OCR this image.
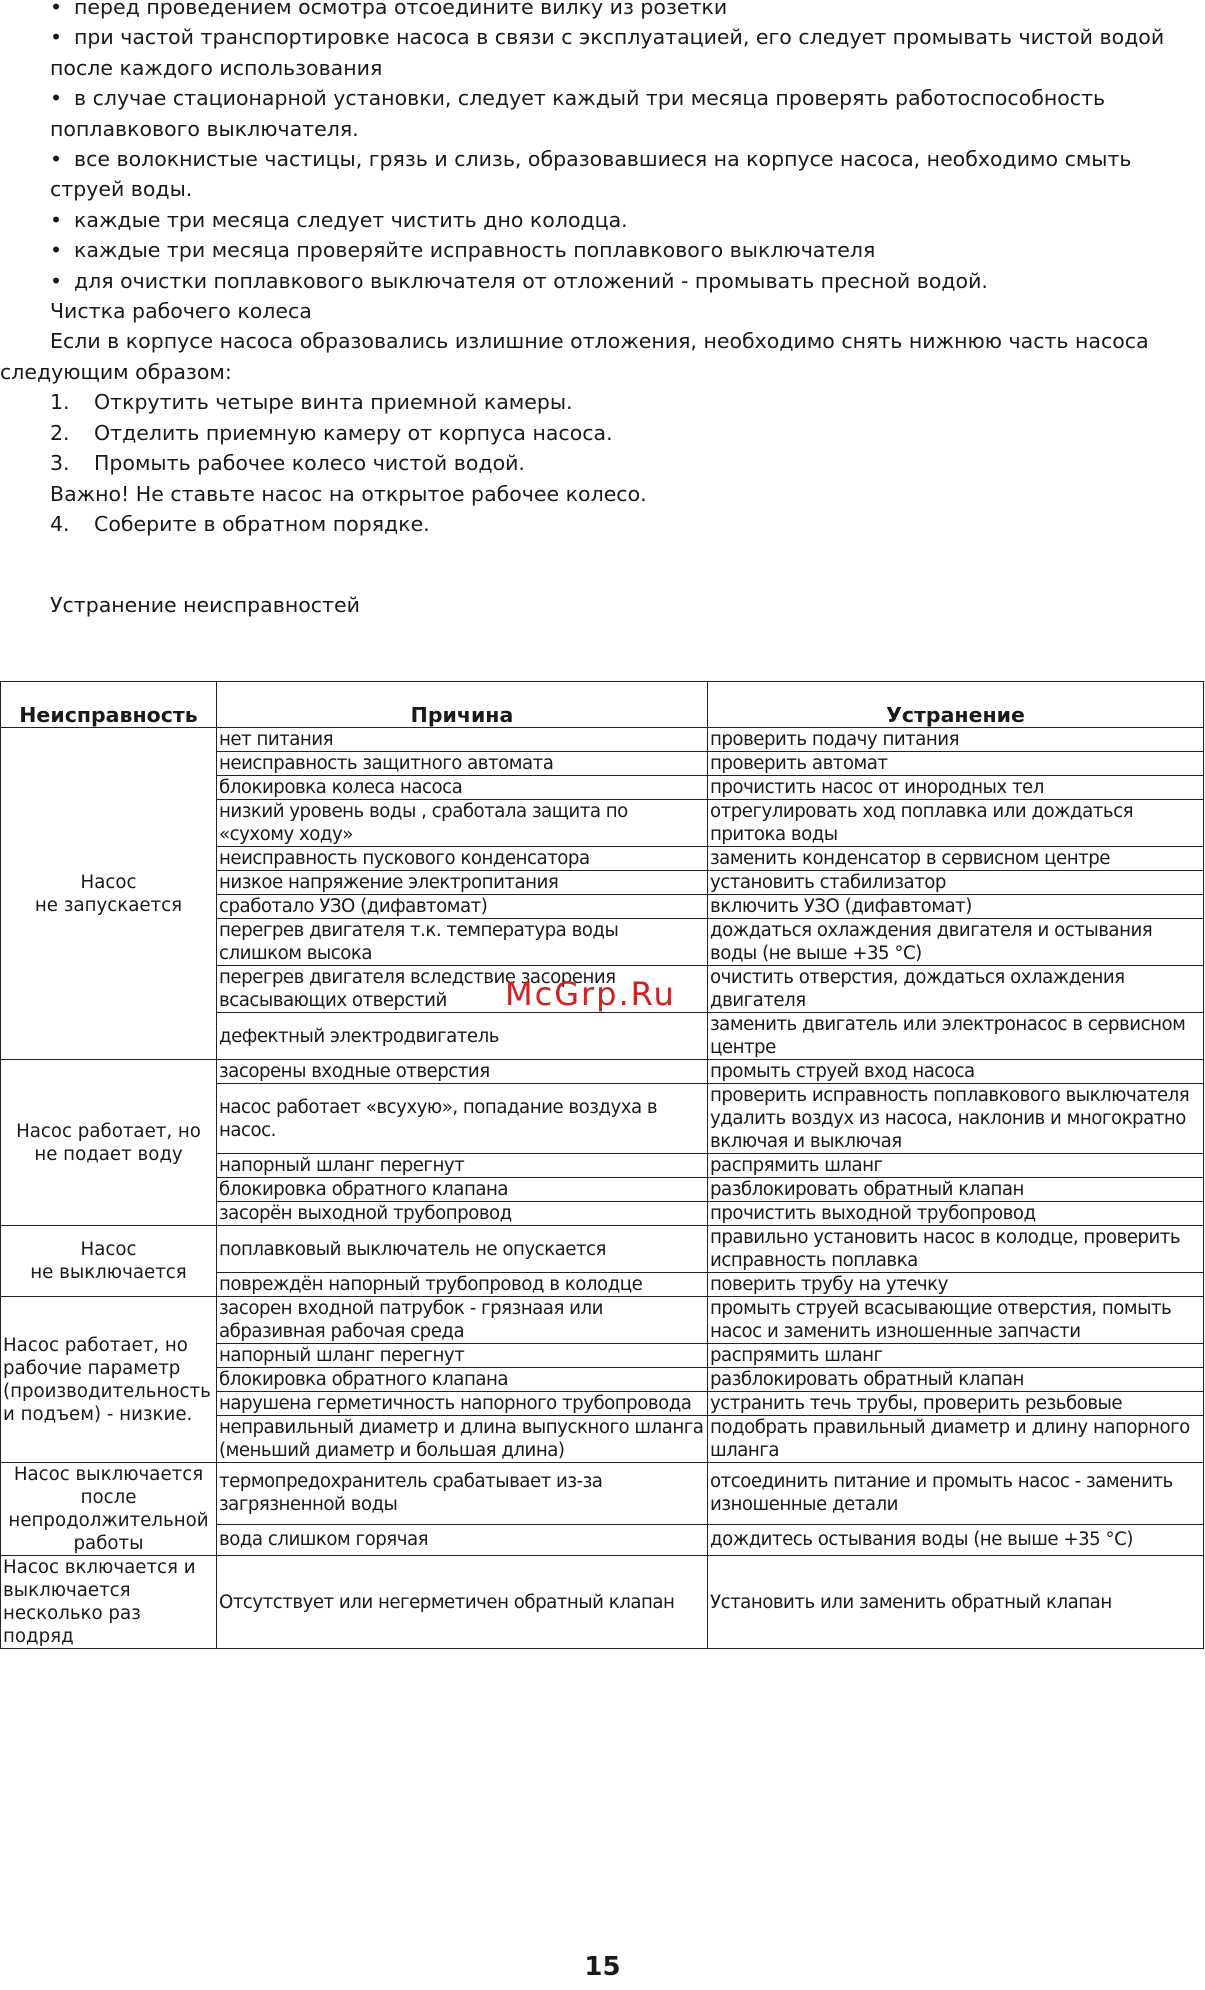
• перед проведением осмотра отсоедините вилку из розетки
• при частой транспортировке насоса в связи с эксплуатацией, его следует промывать чистой водой после каждого использования
• в случае стационарной установки, следует каждый три месяца проверять работоспособность поплавкового выключателя.
• все волокнистые частицы, грязь и слизь, образовавшиеся на корпусе насоса, необходимо смыть струей воды.
• каждые три месяца следует чистить дно колодца.
• каждые три месяца проверяйте исправность поплавкового выключателя
• для очистки поплавкового выключателя от отложений - промывать пресной водой.
Чистка рабочего колеса
Если в корпусе насоса образовались излишние отложения, необходимо снять нижнюю часть насоса следующим образом:
1. Открутить четыре винта приемной камеры.
2. Отделить приемную камеру от корпуса насоса.
3. Промыть рабочее колесо чистой водой.
Важно! Не ставьте насос на открытое рабочее колесо.
4. Соберите в обратном порядке.
Устранение неисправностей
Неисправность	Причина	Устранение
Насос
не запускается	нет питания	проверить подачу питания
	неисправность защитного автомата	проверить автомат
	блокировка колеса насоса	прочистить насос от инородных тел
	низкий уровень воды , сработала защита по «сухому ходу»	отрегулировать ход поплавка или дождаться притока воды
	неисправность пускового конденсатора	заменить конденсатор в сервисном центре
	низкое напряжение электропитания	установить стабилизатор
	сработало УЗО (дифавтомат)	включить УЗО (дифавтомат)
	перегрев двигателя т.к. температура воды слишком высока	дождаться охлаждения двигателя и остывания воды (не выше +35 °С)
	перегрев двигателя вследствие засорения всасывающих отверстий	очистить отверстия, дождаться охлаждения двигателя
	дефектный электродвигатель	заменить двигатель или электронасос в сервисном центре
Насос работает, но не подает воду	засорены входные отверстия	промыть струей вход насоса
	насос работает «всухую», попадание воздуха в насос.	проверить исправность поплавкового выключателя удалить воздух из насоса, наклонив и многократно включая и выключая
	напорный шланг перегнут	распрямить шланг
	блокировка обратного клапана	разблокировать обратный клапан
	засорён выходной трубопровод	прочистить выходной трубопровод
Насос
не выключается	поплавковый выключатель не опускается	правильно установить насос в колодце, проверить исправность поплавка
	повреждён напорный трубопровод в колодце	поверить трубу на утечку
Насос работает, но рабочие параметр (производительность и подъем) - низкие.	засорен входной патрубок - грязнаая или абразивная рабочая среда	промыть струей всасывающие отверстия, помыть насос и заменить изношенные запчасти
	напорный шланг перегнут	распрямить шланг
	блокировка обратного клапана	разблокировать обратный клапан
	нарушена герметичность напорного трубопровода	устранить течь трубы, проверить резьбовые
	неправильный диаметр и длина выпускного шланга (меньший диаметр и большая длина)	подобрать правильный диаметр и длину напорного шланга
Насос выключается после непродолжительной работы	термопредохранитель срабатывает из-за загрязненной воды	отсоединить питание и промыть насос - заменить изношенные детали
	вода слишком горячая	дождитесь остывания воды (не выше +35 °С)
Насос включается и выключается несколько раз подряд	Отсутствует или негерметичен обратный клапан	Установить или заменить обратный клапан
McGrp.Ru
15
